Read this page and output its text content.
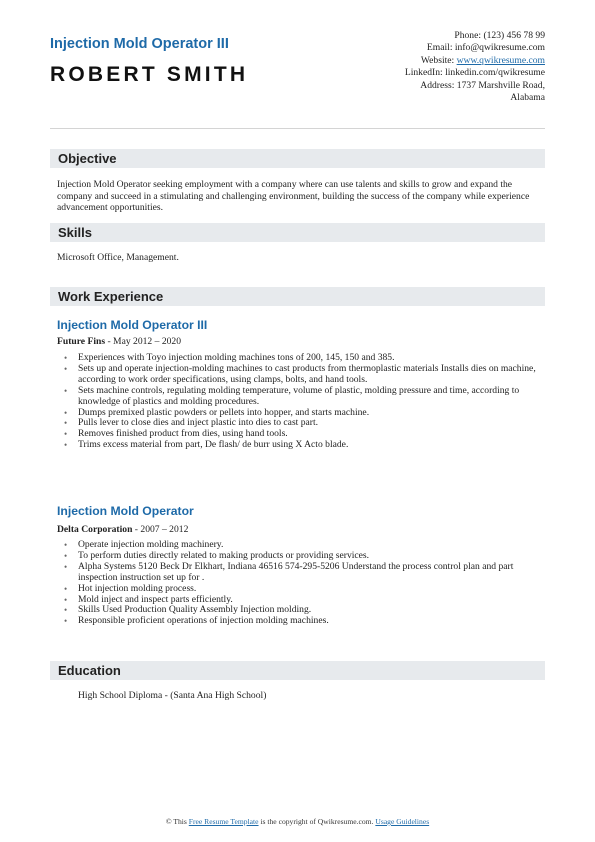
Injection Mold Operator III
ROBERT SMITH
Phone: (123) 456 78 99
Email: info@qwikresume.com
Website: www.qwikresume.com
LinkedIn: linkedin.com/qwikresume
Address: 1737 Marshville Road,
Alabama
Objective
Injection Mold Operator seeking employment with a company where can use talents and skills to grow and expand the company and succeed in a stimulating and challenging environment, building the success of the company while experience advancement opportunities.
Skills
Microsoft Office, Management.
Work Experience
Injection Mold Operator III
Future Fins - May 2012 – 2020
• Experiences with Toyo injection molding machines tons of 200, 145, 150 and 385.
• Sets up and operate injection-molding machines to cast products from thermoplastic materials Installs dies on machine, according to work order specifications, using clamps, bolts, and hand tools.
• Sets machine controls, regulating molding temperature, volume of plastic, molding pressure and time, according to knowledge of plastics and molding procedures.
• Dumps premixed plastic powders or pellets into hopper, and starts machine.
• Pulls lever to close dies and inject plastic into dies to cast part.
• Removes finished product from dies, using hand tools.
• Trims excess material from part, De flash/ de burr using X Acto blade.
Injection Mold Operator
Delta Corporation - 2007 – 2012
• Operate injection molding machinery.
• To perform duties directly related to making products or providing services.
• Alpha Systems 5120 Beck Dr Elkhart, Indiana 46516 574-295-5206 Understand the process control plan and part inspection instruction set up for .
• Hot injection molding process.
• Mold inject and inspect parts efficiently.
• Skills Used Production Quality Assembly Injection molding.
• Responsible proficient operations of injection molding machines.
Education
High School Diploma - (Santa Ana High School)
© This Free Resume Template is the copyright of Qwikresume.com. Usage Guidelines
